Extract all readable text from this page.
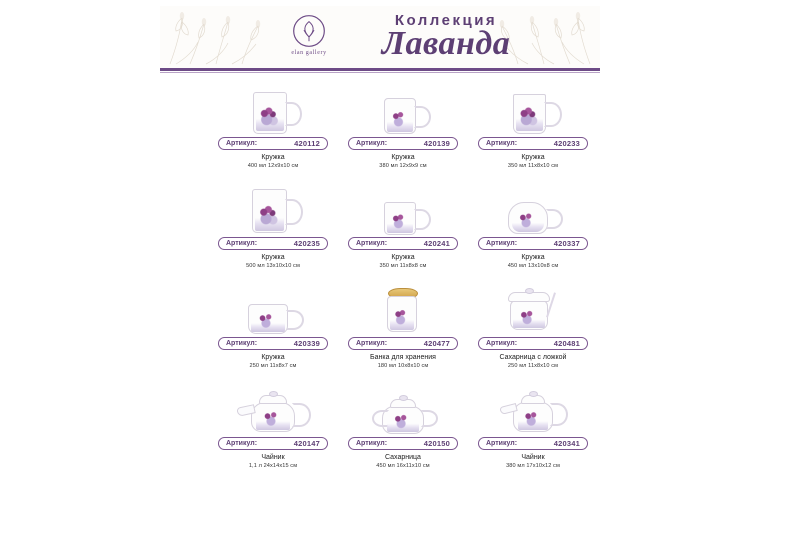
elan gallery
Коллекция
Лаванда
Артикул:	420112
Кружка
400 мл 12х9х10 см
Артикул:	420139
Кружка
380 мл 12х9х9 см
Артикул:	420233
Кружка
350 мл 11х8х10 см
Артикул:	420235
Кружка
500 мл 13х10х10 см
Артикул:	420241
Кружка
350 мл 11х8х8 см
Артикул:	420337
Кружка
450 мл 13х10х8 см
Артикул:	420339
Кружка
250 мл 11х8х7 см
Артикул:	420477
Банка для хранения
180 мл 10х8х10 см
Артикул:	420481
Сахарница с ложкой
250 мл 11х8х10 см
Артикул:	420147
Чайник
1,1 л 24х14х15 см
Артикул:	420150
Сахарница
450 мл 16х11х10 см
Артикул:	420341
Чайник
380 мл 17х10х12 см
